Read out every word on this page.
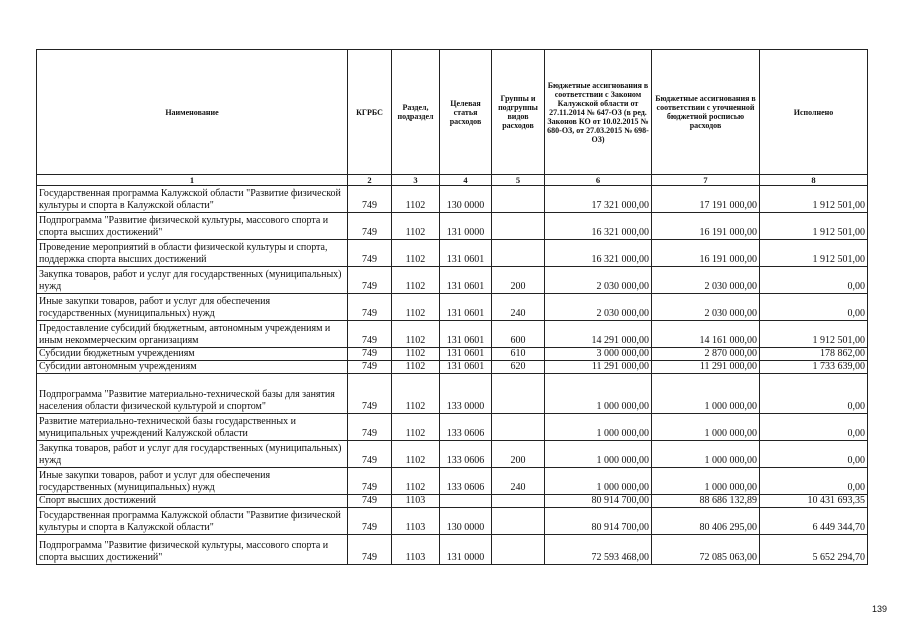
Наименование	КГРБС	Раздел, подраздел	Целевая статья расходов	Группы и подгруппы видов расходов	Бюджетные ассигнования в соответствии с Законом Калужской области от 27.11.2014 № 647-ОЗ (в ред. Законов КО от 10.02.2015 № 680-ОЗ, от 27.03.2015 № 698-ОЗ)	Бюджетные ассигнования в соответствии с уточненной бюджетной росписью расходов	Исполнено
1	2	3	4	5	6	7	8
Государственная программа Калужской области "Развитие физической культуры и спорта в Калужской области"	749	1102	130 0000		17 321 000,00	17 191 000,00	1 912 501,00
Подпрограмма "Развитие физической культуры, массового спорта и спорта высших достижений"	749	1102	131 0000		16 321 000,00	16 191 000,00	1 912 501,00
Проведение мероприятий в области физической культуры и спорта, поддержка спорта высших достижений	749	1102	131 0601		16 321 000,00	16 191 000,00	1 912 501,00
Закупка товаров, работ и услуг для государственных (муниципальных) нужд	749	1102	131 0601	200	2 030 000,00	2 030 000,00	0,00
Иные закупки товаров, работ и услуг для обеспечения государственных (муниципальных) нужд	749	1102	131 0601	240	2 030 000,00	2 030 000,00	0,00
Предоставление субсидий бюджетным, автономным учреждениям и иным некоммерческим организациям	749	1102	131 0601	600	14 291 000,00	14 161 000,00	1 912 501,00
Субсидии бюджетным учреждениям	749	1102	131 0601	610	3 000 000,00	2 870 000,00	178 862,00
Субсидии автономным учреждениям	749	1102	131 0601	620	11 291 000,00	11 291 000,00	1 733 639,00
Подпрограмма "Развитие материально-технической базы для занятия населения области физической культурой и спортом"	749	1102	133 0000		1 000 000,00	1 000 000,00	0,00
Развитие материально-технической базы государственных и муниципальных учреждений Калужской области	749	1102	133 0606		1 000 000,00	1 000 000,00	0,00
Закупка товаров, работ и услуг для государственных (муниципальных) нужд	749	1102	133 0606	200	1 000 000,00	1 000 000,00	0,00
Иные закупки товаров, работ и услуг для обеспечения государственных (муниципальных) нужд	749	1102	133 0606	240	1 000 000,00	1 000 000,00	0,00
Спорт высших достижений	749	1103			80 914 700,00	88 686 132,89	10 431 693,35
Государственная программа Калужской области "Развитие физической культуры и спорта в Калужской области"	749	1103	130 0000		80 914 700,00	80 406 295,00	6 449 344,70
Подпрограмма "Развитие физической культуры, массового спорта и спорта высших достижений"	749	1103	131 0000		72 593 468,00	72 085 063,00	5 652 294,70
139
